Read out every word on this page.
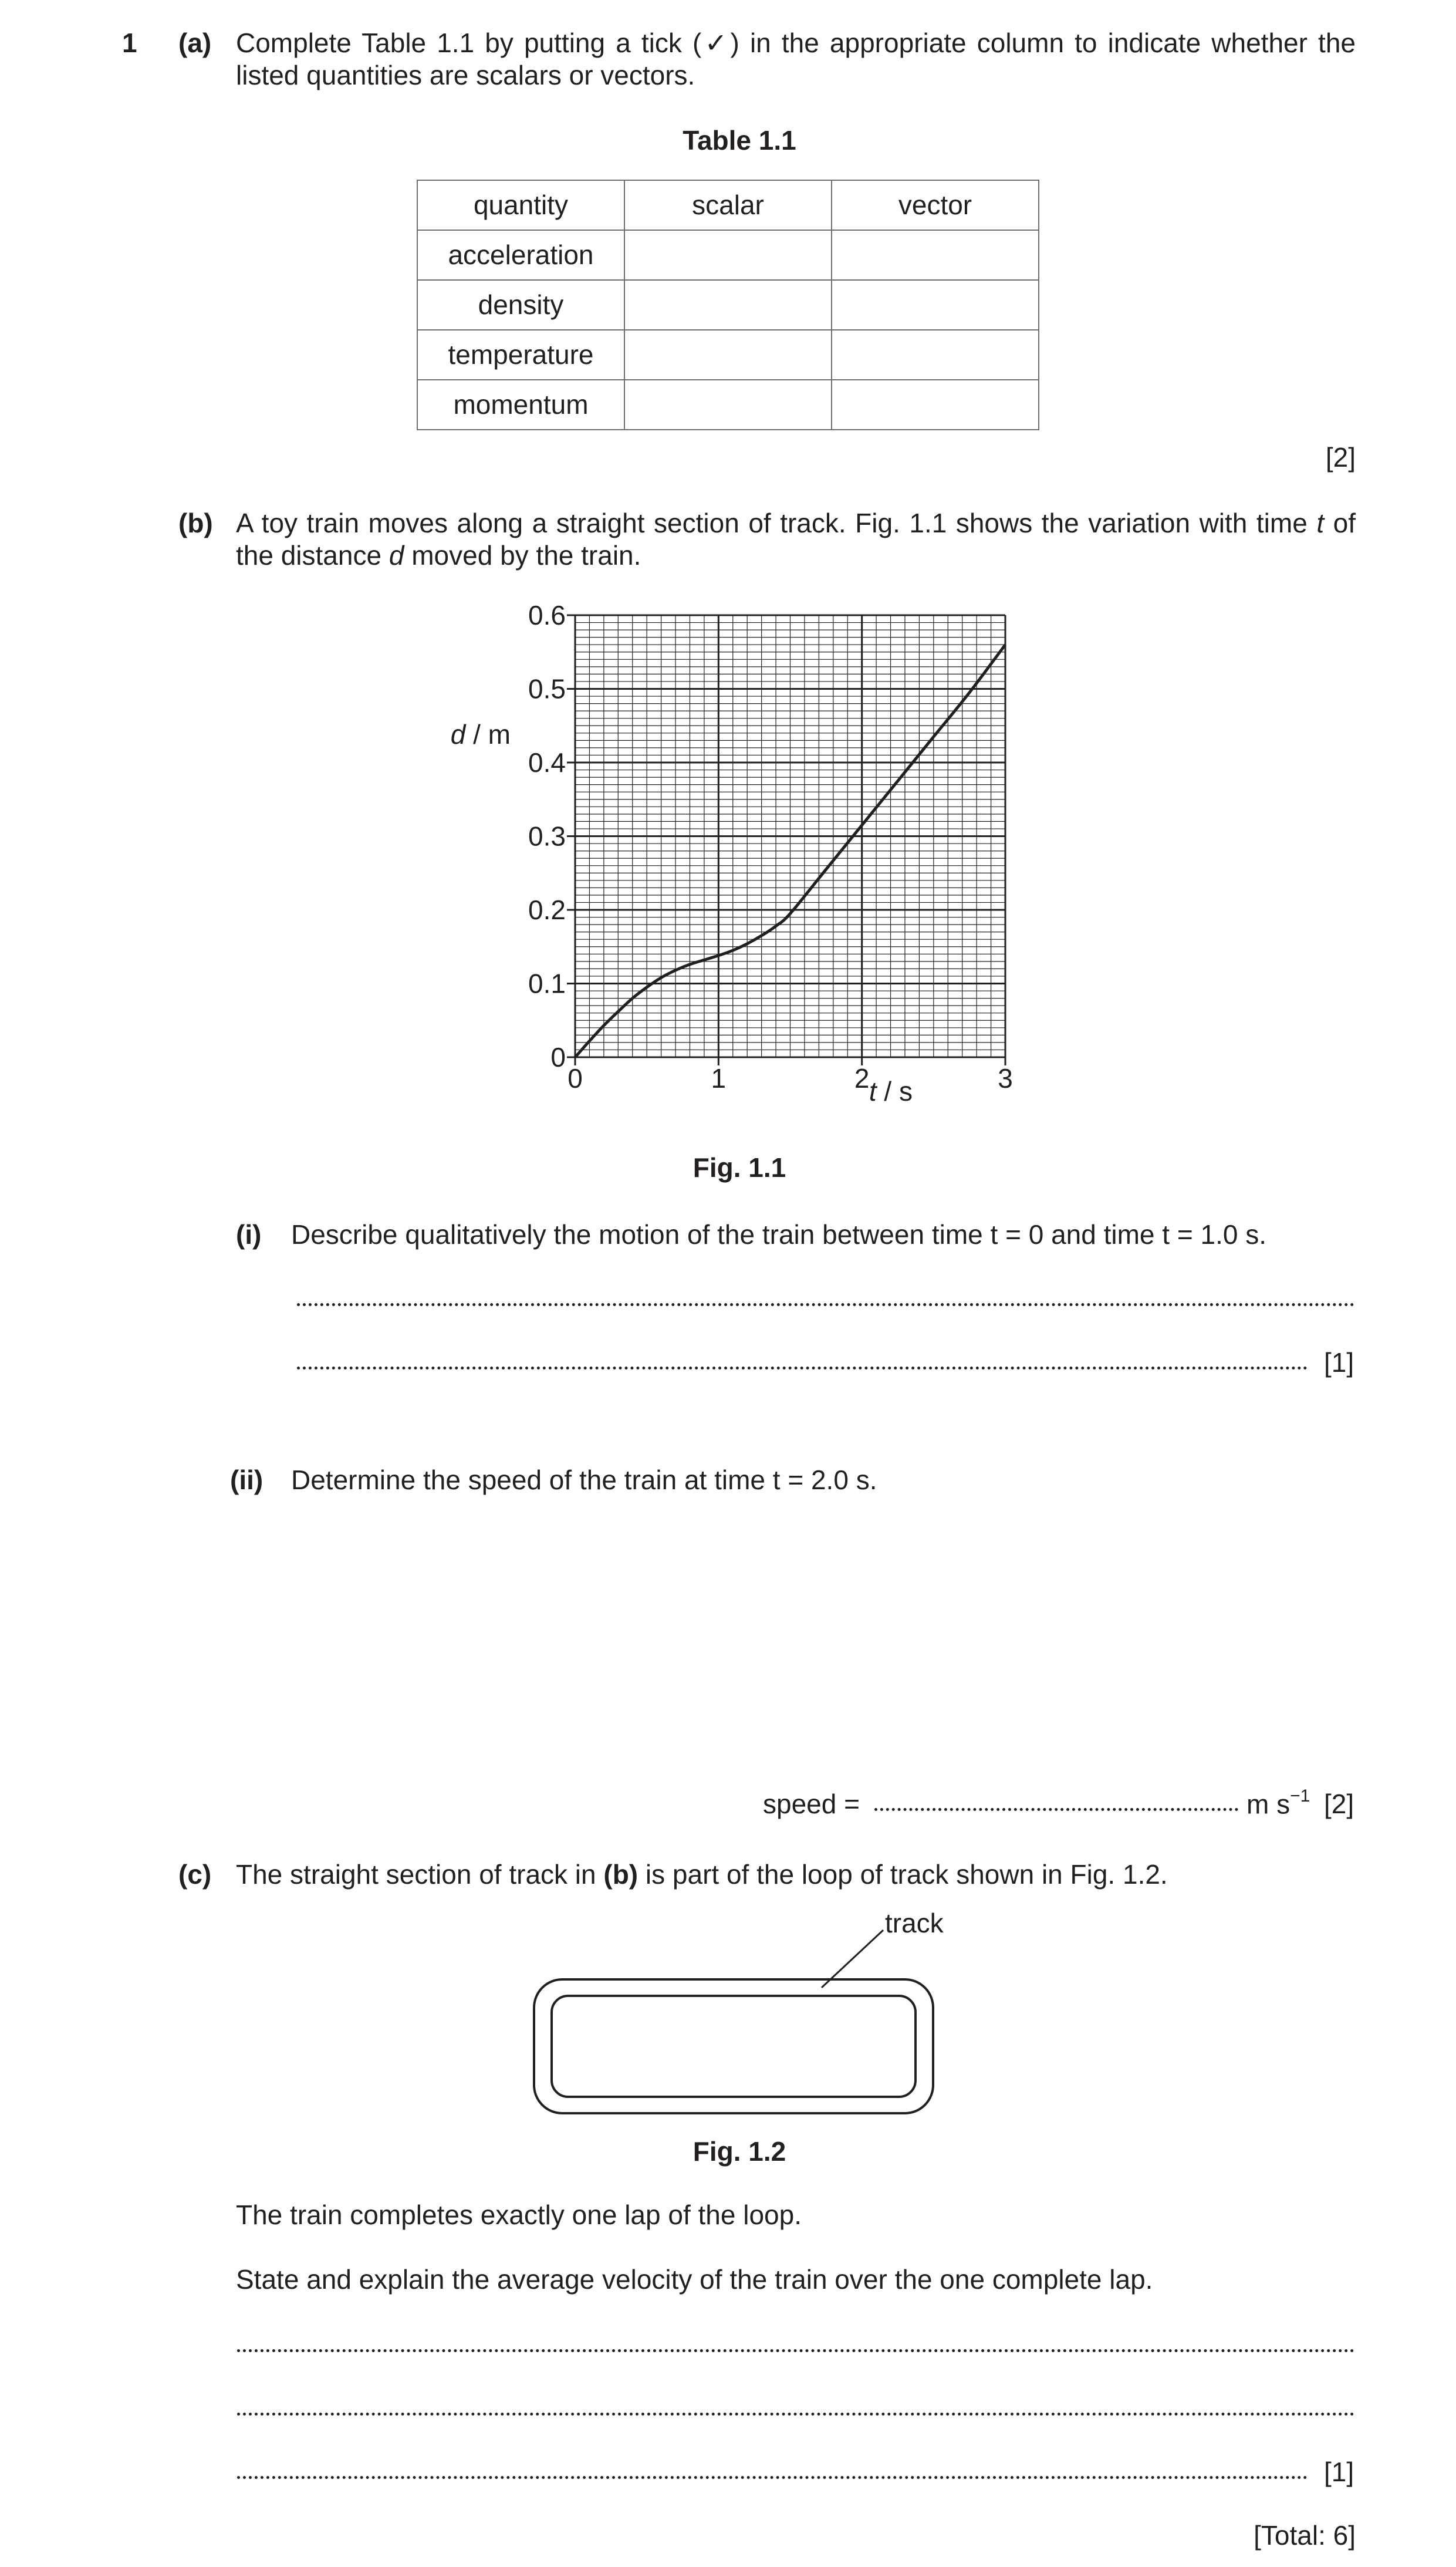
1 (a) Complete Table 1.1 by putting a tick (✓) in the appropriate column to indicate whether the listed quantities are scalars or vectors.
Table 1.1
quantity	scalar	vector
acceleration		
density		
temperature		
momentum		
[2]
(b) A toy train moves along a straight section of track. Fig. 1.1 shows the variation with time t of the distance d moved by the train.
0	1	2	3
0
0.1
0.2
0.3
0.4
0.5
0.6
d / m
t / s
Fig. 1.1
(i) Describe qualitatively the motion of the train between time t = 0 and time t = 1.0 s.
[1]
(ii) Determine the speed of the train at time t = 2.0 s.
speed =	m $s^{-1}$ [2]
(c) The straight section of track in (b) is part of the loop of track shown in Fig. 1.2.
track
Fig. 1.2
The train completes exactly one lap of the loop.
State and explain the average velocity of the train over the one complete lap.
[1]
[Total: 6]
